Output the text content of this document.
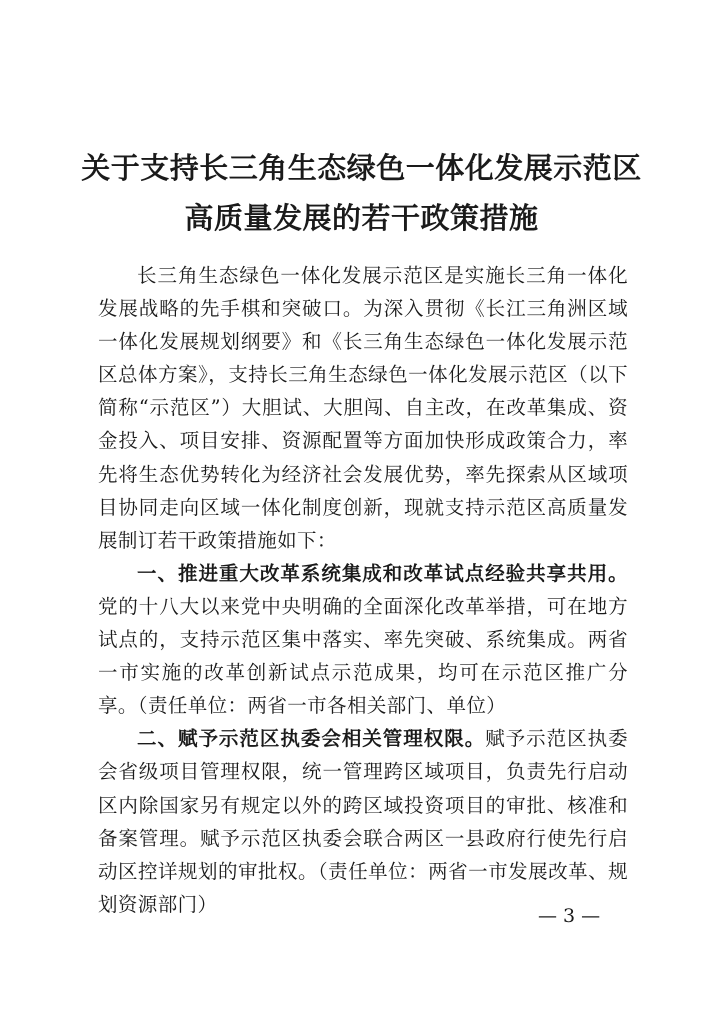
关于支持长三角生态绿色一体化发展示范区
高质量发展的若干政策措施

长三角生态绿色一体化发展示范区是实施长三角一体化发展战略的先手棋和突破口。为深入贯彻《长江三角洲区域一体化发展规划纲要》和《长三角生态绿色一体化发展示范区总体方案》，支持长三角生态绿色一体化发展示范区（以下简称“示范区”）大胆试、大胆闯、自主改，在改革集成、资金投入、项目安排、资源配置等方面加快形成政策合力，率先将生态优势转化为经济社会发展优势，率先探索从区域项目协同走向区域一体化制度创新，现就支持示范区高质量发展制订若干政策措施如下：

一、推进重大改革系统集成和改革试点经验共享共用。党的十八大以来党中央明确的全面深化改革举措，可在地方试点的，支持示范区集中落实、率先突破、系统集成。两省一市实施的改革创新试点示范成果，均可在示范区推广分享。（责任单位：两省一市各相关部门、单位）

二、赋予示范区执委会相关管理权限。赋予示范区执委会省级项目管理权限，统一管理跨区域项目，负责先行启动区内除国家另有规定以外的跨区域投资项目的审批、核准和备案管理。赋予示范区执委会联合两区一县政府行使先行启动区控详规划的审批权。（责任单位：两省一市发展改革、规划资源部门）

— 3 —
